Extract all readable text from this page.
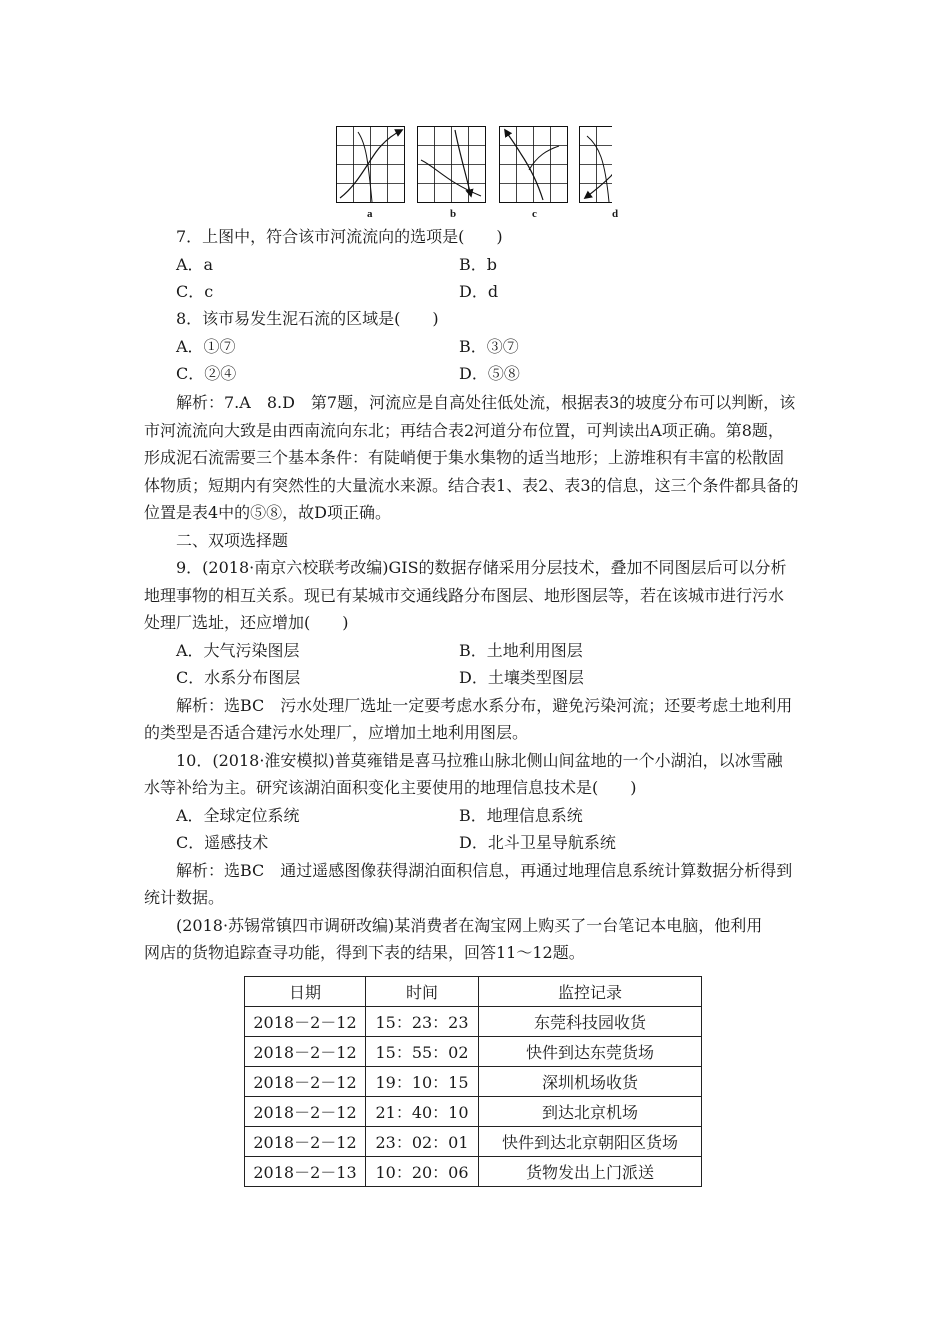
a	b	c	d
7．上图中，符合该市河流流向的选项是(　　)
A．a	B．b
C．c	D．d
8．该市易发生泥石流的区域是(　　)
A．①⑦	B．③⑦
C．②④	D．⑤⑧
解析：7.A　8.D　第7题，河流应是自高处往低处流，根据表3的坡度分布可以判断，该
市河流流向大致是由西南流向东北；再结合表2河道分布位置，可判读出A项正确。第8题，
形成泥石流需要三个基本条件：有陡峭便于集水集物的适当地形；上游堆积有丰富的松散固
体物质；短期内有突然性的大量流水来源。结合表1、表2、表3的信息，这三个条件都具备的
位置是表4中的⑤⑧，故D项正确。
二、双项选择题
9．(2018·南京六校联考改编)GIS的数据存储采用分层技术，叠加不同图层后可以分析
地理事物的相互关系。现已有某城市交通线路分布图层、地形图层等，若在该城市进行污水
处理厂选址，还应增加(　　)
A．大气污染图层	B．土地利用图层
C．水系分布图层	D．土壤类型图层
解析：选BC　污水处理厂选址一定要考虑水系分布，避免污染河流；还要考虑土地利用
的类型是否适合建污水处理厂，应增加土地利用图层。
10．(2018·淮安模拟)普莫雍错是喜马拉雅山脉北侧山间盆地的一个小湖泊，以冰雪融
水等补给为主。研究该湖泊面积变化主要使用的地理信息技术是(　　)
A．全球定位系统	B．地理信息系统
C．遥感技术	D．北斗卫星导航系统
解析：选BC　通过遥感图像获得湖泊面积信息，再通过地理信息系统计算数据分析得到
统计数据。
(2018·苏锡常镇四市调研改编)某消费者在淘宝网上购买了一台笔记本电脑，他利用
网店的货物追踪查寻功能，得到下表的结果，回答11～12题。
日期	时间	监控记录
2018－2－12	15：23：23	东莞科技园收货
2018－2－12	15：55：02	快件到达东莞货场
2018－2－12	19：10：15	深圳机场收货
2018－2－12	21：40：10	到达北京机场
2018－2－12	23：02：01	快件到达北京朝阳区货场
2018－2－13	10：20：06	货物发出上门派送
